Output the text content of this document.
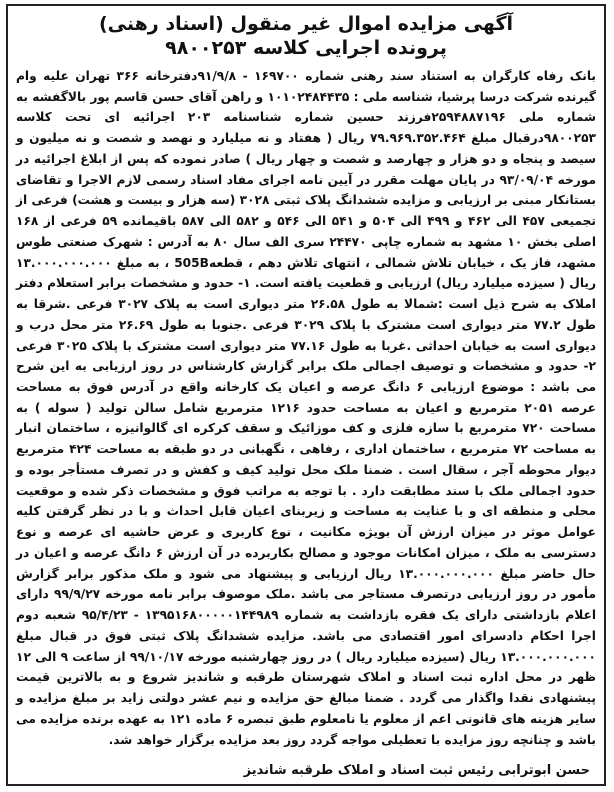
آگهی مزایده اموال غیر منقول (اسناد رهنی)

پرونده اجرایی کلاسه ۹۸۰۰۲۵۳

بانک رفاه کارگران به استناد سند رهنی شماره ۱۶۹۷۰۰ - ۹۱/۹/۸دفترخانه ۳۶۶ تهران علیه وام گیرنده شرکت درسا پرشیا، شناسه ملی : ۱۰۱۰۲۴۸۴۴۳۵ و راهن آقای حسن قاسم پور بالاگفشه به شماره ملی ۲۵۹۴۸۸۷۱۹۶فرزند حسین شماره شناسنامه ۲۰۳ اجرائیه ای تحت کلاسه ۹۸۰۰۲۵۳درقبال مبلغ ۷۹.۹۶۹.۳۵۲.۴۶۴ ریال ( هفتاد و نه میلیارد و نهصد و شصت و نه میلیون و سیصد و پنجاه و دو هزار و چهارصد و شصت و چهار ریال ) صادر نموده که پس از ابلاغ اجرائیه در مورخه ۹۳/۰۹/۰۴ در پایان مهلت مقرر در آیین نامه اجرای مفاد اسناد رسمی لازم الاجرا و تقاضای بستانکار مبنی بر ارزیابی و مزایده ششدانگ پلاک ثبتی ۳۰۲۸ (سه هزار و بیست و هشت) فرعی از تجمیعی ۴۵۷ الی ۴۶۲ و ۴۹۹ الی ۵۰۴ و ۵۴۱ الی ۵۴۶ و ۵۸۲ الی ۵۸۷ باقیمانده ۵۹ فرعی از ۱۶۸ اصلی بخش ۱۰ مشهد به شماره چاپی ۲۴۴۷۰ سری الف سال ۸۰ به آدرس : شهرک صنعتی طوس مشهد، فاز یک ، خیابان تلاش شمالی ، انتهای تلاش دهم ، قطعه505B ، به مبلغ ۱۳.۰۰۰.۰۰۰.۰۰۰ ریال ( سیزده میلیارد ریال) ارزیابی و قطعیت یافته است. ۱- حدود و مشخصات برابر استعلام دفتر املاک به شرح ذیل است :شمالا به طول ۲۶.۵۸ متر دیواری است به پلاک ۳۰۲۷ فرعی .شرقا به طول ۷۷.۲ متر دیواری است مشترک با پلاک ۳۰۲۹ فرعی .جنوبا به طول ۲۶.۶۹ متر محل درب و دیواری است به خیابان احداثی .غربا به طول ۷۷.۱۶ متر دیواری است مشترک با پلاک ۳۰۲۵ فرعی ۲- حدود و مشخصات و توصیف اجمالی ملک برابر گزارش کارشناس در روز ارزیابی به این شرح می باشد : موضوع ارزیابی ۶ دانگ عرصه و اعیان یک کارخانه واقع در آدرس فوق به مساحت عرصه ۲۰۵۱ مترمربع و اعیان به مساحت حدود ۱۲۱۶ مترمربع شامل سالن تولید ( سوله ) به مساحت ۷۲۰ مترمربع با سازه فلزی و کف موزائیک و سقف کرکره ای گالوانیزه ، ساختمان انبار به مساحت ۷۲ مترمربع ، ساختمان اداری ، رفاهی ، نگهبانی در دو طبقه به مساحت ۴۲۴ مترمربع دیوار محوطه آجر ، سقال است . ضمنا ملک محل تولید کیف و کفش و در تصرف مستأجر بوده و حدود اجمالی ملک با سند مطابقت دارد . با توجه به مراتب فوق و مشخصات ذکر شده و موقعیت محلی و منطقه ای و با عنایت به مساحت و زیربنای اعیان قابل احداث و با در نظر گرفتن کلیه عوامل موثر در میزان ارزش آن بویژه مکانیت ، نوع کاربری و عرض حاشیه ای عرصه و نوع دسترسی به ملک ، میزان امکانات موجود و مصالح بکاربرده در آن ارزش ۶ دانگ عرصه و اعیان در حال حاضر مبلغ ۱۳.۰۰۰.۰۰۰.۰۰۰ ریال ارزیابی و پیشنهاد می شود و ملک مذکور برابر گزارش مأمور در روز ارزیابی درتصرف مستاجر می باشد .ملک موصوف برابر نامه مورخه ۹۹/۹/۲۷ دارای اعلام بازداشتی دارای یک فقره بازداشت به شماره ۱۳۹۵۱۶۸۰۰۰۰۰۱۴۴۹۸۹ - ۹۵/۴/۲۳ شعبه دوم اجرا احکام دادسرای امور اقتصادی می باشد. مزایده ششدانگ پلاک ثبتی فوق در قبال مبلغ ۱۳.۰۰۰.۰۰۰.۰۰۰ ریال (سیزده میلیارد ریال ) در روز چهارشنبه مورخه ۹۹/۱۰/۱۷ از ساعت ۹ الی ۱۲ ظهر در محل اداره ثبت اسناد و املاک شهرستان طرقبه و شاندیز شروع و به بالاترین قیمت پیشنهادی نقدا واگذار می گردد . ضمنا مبالغ حق مزایده و نیم عشر دولتی زاید بر مبلغ مزایده و سایر هزینه های قانونی اعم از معلوم یا نامعلوم طبق تبصره ۶ ماده ۱۲۱ به عهده برنده مزایده می باشد و چنانچه روز مزایده با تعطیلی مواجه گردد روز بعد مزایده برگزار خواهد شد.

حسن ابوترابی رئیس ثبت اسناد و املاک طرقبه شاندیز
